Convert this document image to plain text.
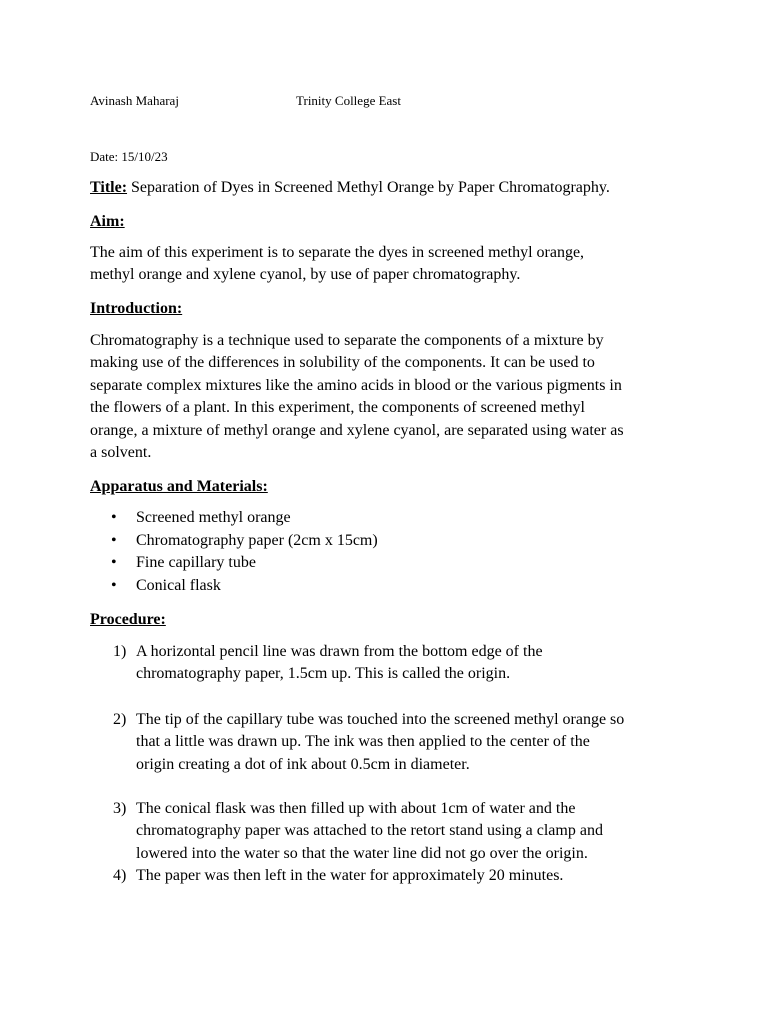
Avinash Maharaj	Trinity College East
Date: 15/10/23
Title: Separation of Dyes in Screened Methyl Orange by Paper Chromatography.
Aim:
The aim of this experiment is to separate the dyes in screened methyl orange,
methyl orange and xylene cyanol, by use of paper chromatography.
Introduction:
Chromatography is a technique used to separate the components of a mixture by
making use of the differences in solubility of the components. It can be used to
separate complex mixtures like the amino acids in blood or the various pigments in
the flowers of a plant. In this experiment, the components of screened methyl
orange, a mixture of methyl orange and xylene cyanol, are separated using water as
a solvent.
Apparatus and Materials:
• Screened methyl orange
• Chromatography paper (2cm x 15cm)
• Fine capillary tube
• Conical flask
Procedure:
1) A horizontal pencil line was drawn from the bottom edge of the
chromatography paper, 1.5cm up. This is called the origin.
2) The tip of the capillary tube was touched into the screened methyl orange so
that a little was drawn up. The ink was then applied to the center of the
origin creating a dot of ink about 0.5cm in diameter.
3) The conical flask was then filled up with about 1cm of water and the
chromatography paper was attached to the retort stand using a clamp and
lowered into the water so that the water line did not go over the origin.
4) The paper was then left in the water for approximately 20 minutes.
